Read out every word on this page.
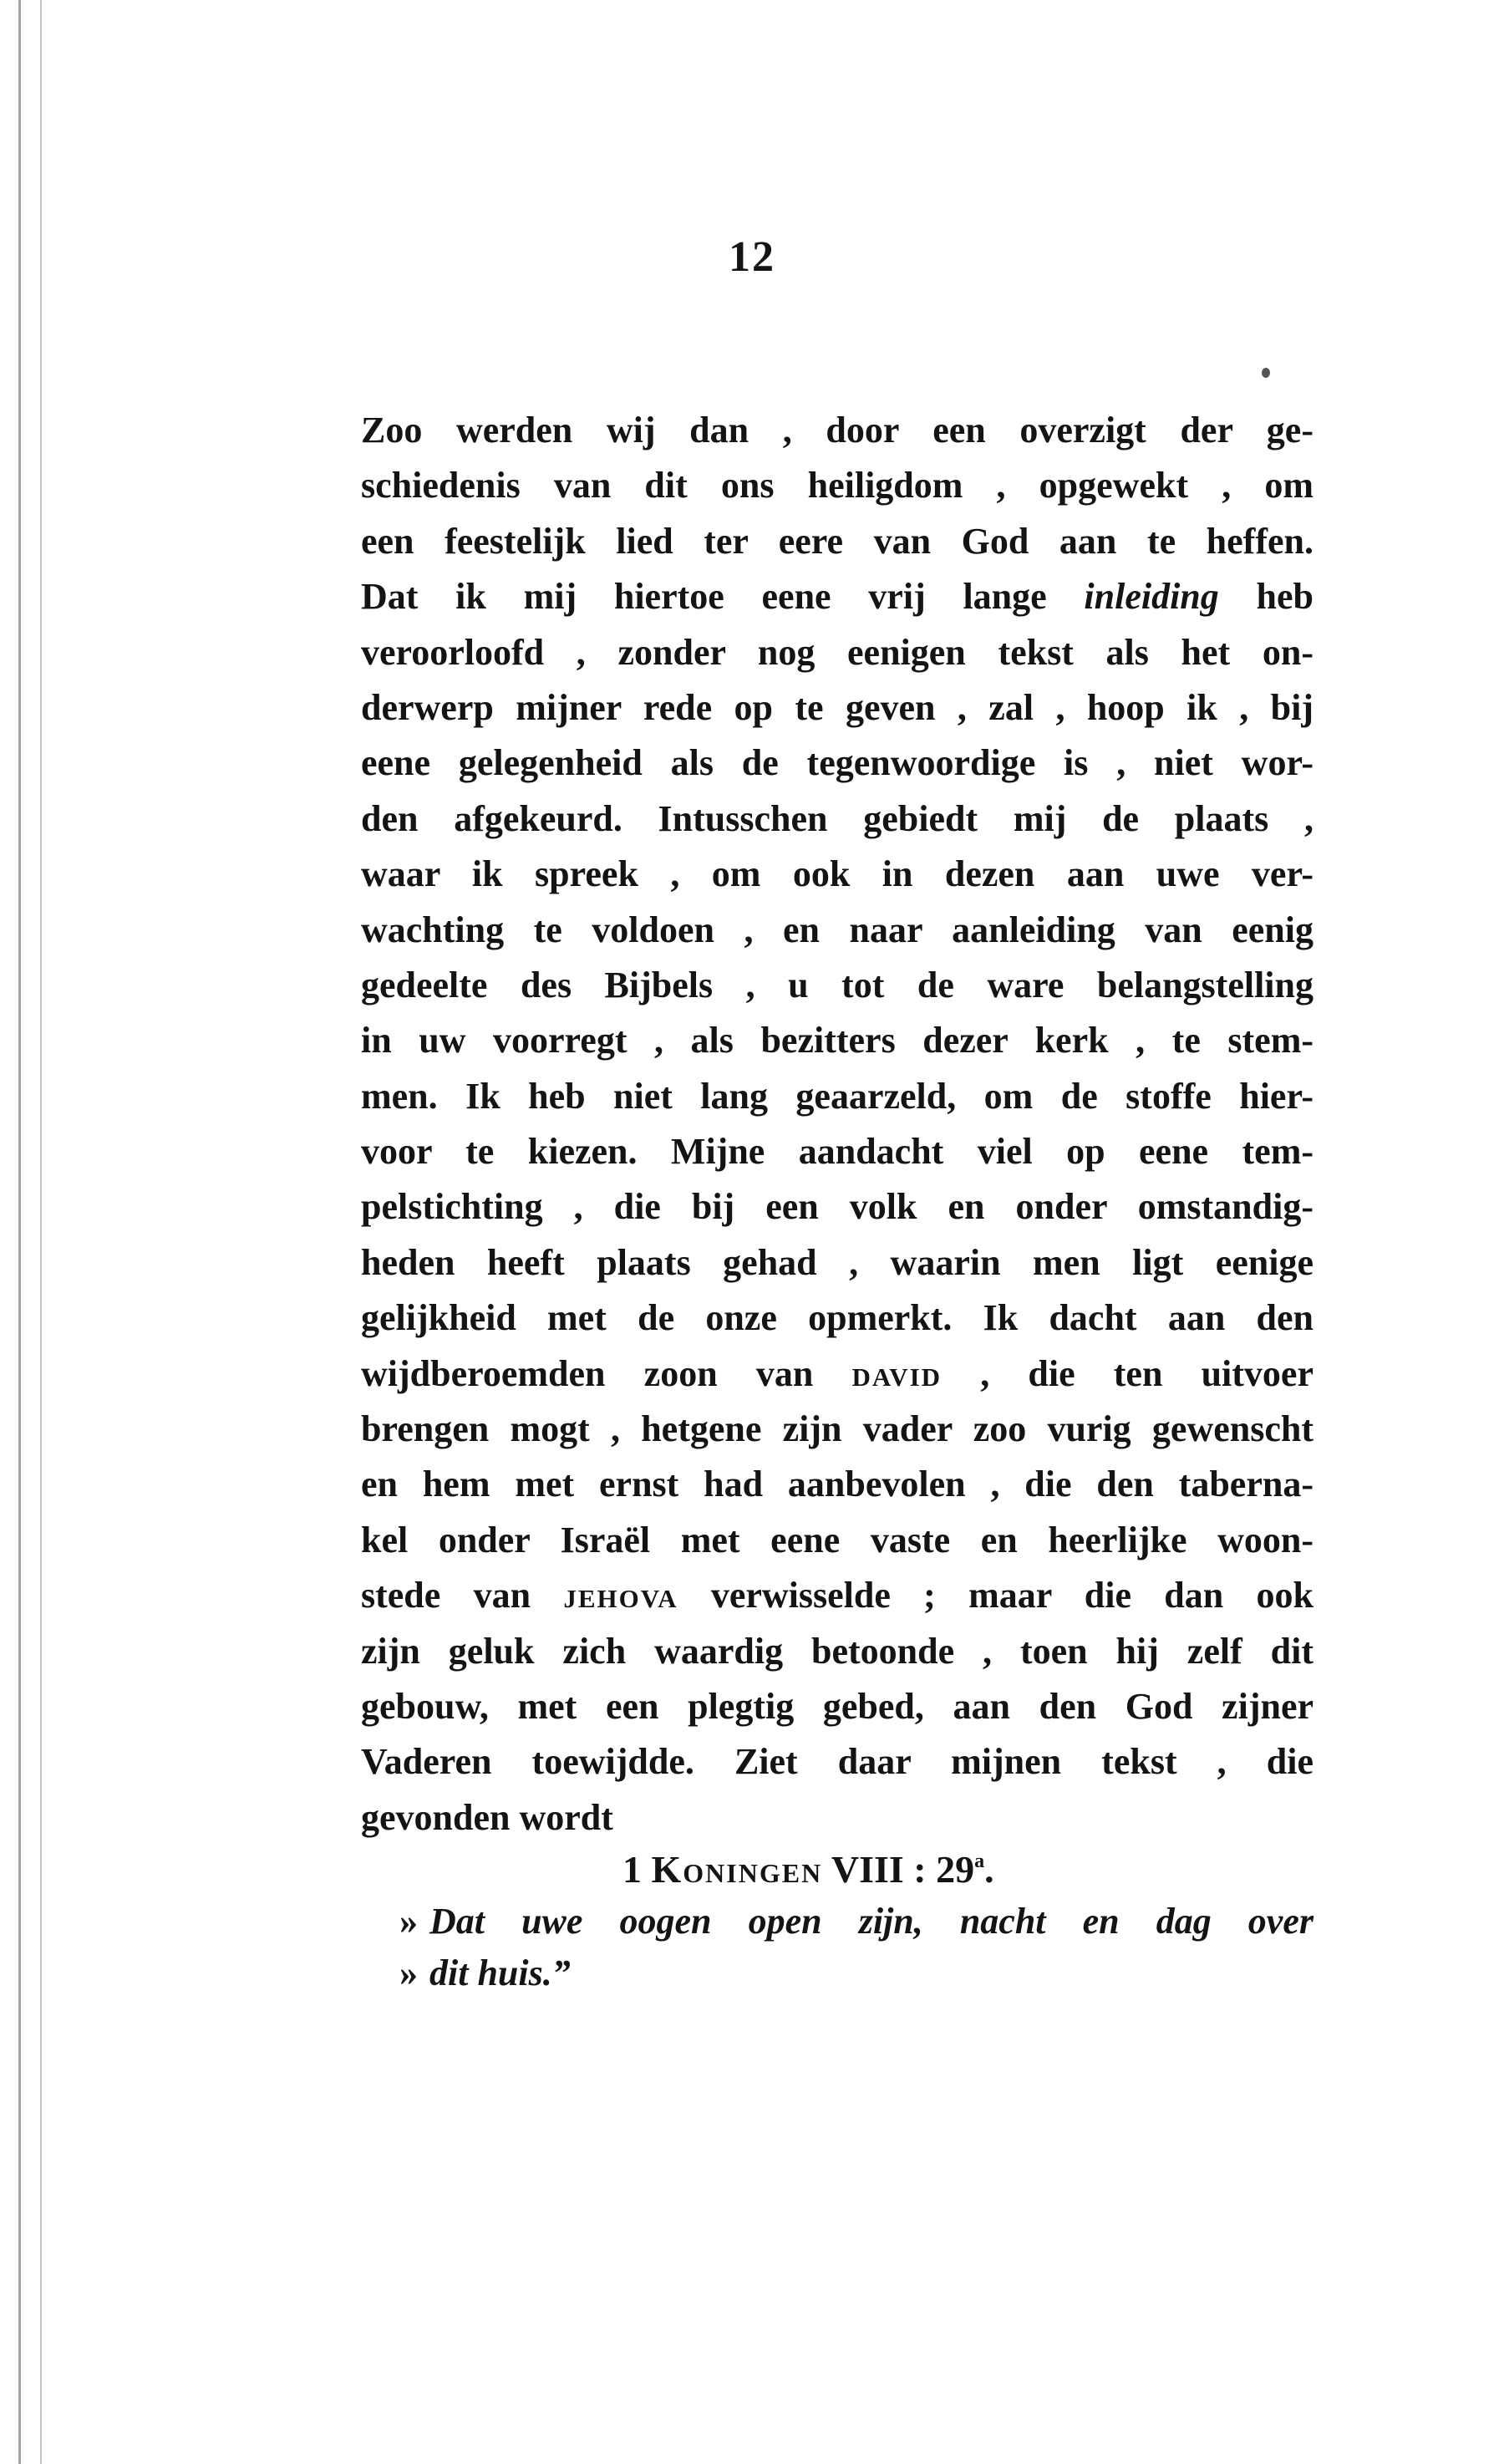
12
Zoo werden wij dan , door een overzigt der ge-
schiedenis van dit ons heiligdom , opgewekt , om
een feestelijk lied ter eere van God aan te heffen.
Dat ik mij hiertoe eene vrij lange inleiding heb
veroorloofd , zonder nog eenigen tekst als het on-
derwerp mijner rede op te geven , zal , hoop ik , bij
eene gelegenheid als de tegenwoordige is , niet wor-
den afgekeurd. Intusschen gebiedt mij de plaats ,
waar ik spreek , om ook in dezen aan uwe ver-
wachting te voldoen , en naar aanleiding van eenig
gedeelte des Bijbels , u tot de ware belangstelling
in uw voorregt , als bezitters dezer kerk , te stem-
men. Ik heb niet lang geaarzeld, om de stoffe hier-
voor te kiezen. Mijne aandacht viel op eene tem-
pelstichting , die bij een volk en onder omstandig-
heden heeft plaats gehad , waarin men ligt eenige
gelijkheid met de onze opmerkt. Ik dacht aan den
wijdberoemden zoon van david , die ten uitvoer
brengen mogt , hetgene zijn vader zoo vurig gewenscht
en hem met ernst had aanbevolen , die den taberna-
kel onder Israël met eene vaste en heerlijke woon-
stede van jehova verwisselde ; maar die dan ook
zijn geluk zich waardig betoonde , toen hij zelf dit
gebouw, met een plegtig gebed, aan den God zijner
Vaderen toewijdde. Ziet daar mijnen tekst , die
gevonden wordt
1 Koningen VIII : 29$^a$.
» Dat uwe oogen open zijn, nacht en dag over
» dit huis.”
